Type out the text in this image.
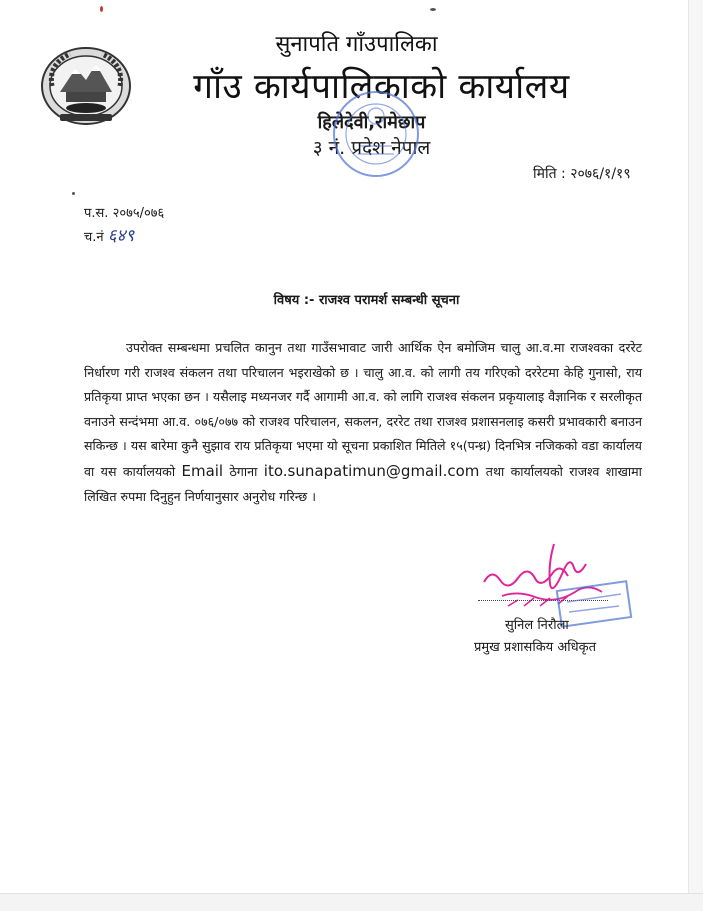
सुनापति गाँउपालिका
गाँउ कार्यपालिकाको कार्यालय
हिलेदेवी,रामेछाप
३ नं. प्रदेश नेपाल
मिति : २०७६/१/१९
प.स. २०७५/०७६
च.नं ६४९
विषय :- राजश्व परामर्श सम्बन्धी सूचना

उपरोक्त सम्बन्धमा प्रचलित कानुन तथा गाउँसभावाट जारी आर्थिक ऐन बमोजिम चालु आ.व.मा राजश्वका दररेट निर्धारण गरी राजश्व संकलन तथा परिचालन भइराखेको छ । चालु आ.व. को लागी तय गरिएको दररेटमा केहि गुनासो, राय प्रतिकृया प्राप्त भएका छन । यसैलाइ मध्यनजर गर्दै आगामी आ.व. को लागि राजश्व संकलन प्रकृयालाइ वैज्ञानिक र सरलीकृत वनाउने सन्दंभमा आ.व. ०७६/०७७ को राजश्व परिचालन, सकलन, दररेट तथा राजश्व प्रशासनलाइ कसरी प्रभावकारी बनाउन सकिन्छ । यस बारेमा कुनै सुझाव राय प्रतिकृया भएमा यो सूचना प्रकाशित मितिले १५(पन्ध्र) दिनभित्र नजिकको वडा कार्यालय वा यस कार्यालयको Email ठेगाना ito.sunapatimun@gmail.com तथा कार्यालयको राजश्व शाखामा लिखित रुपमा दिनुहुन निर्णयानुसार अनुरोध गरिन्छ ।

सुनिल निरौला
प्रमुख प्रशासकिय अधिकृत
